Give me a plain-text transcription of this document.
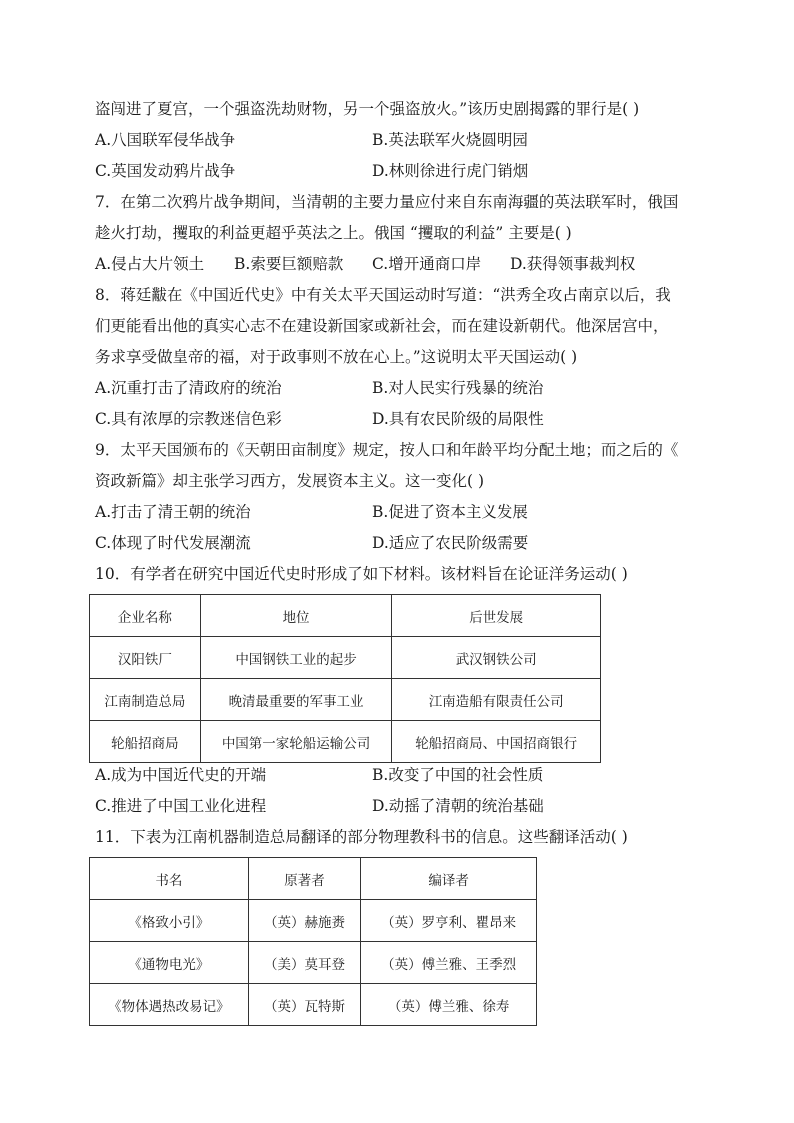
盗闯进了夏宫，一个强盗洗劫财物，另一个强盗放火。”该历史剧揭露的罪行是( )
A.八国联军侵华战争	B.英法联军火烧圆明园
C.英国发动鸦片战争	D.林则徐进行虎门销烟
7．在第二次鸦片战争期间，当清朝的主要力量应付来自东南海疆的英法联军时，俄国
趁火打劫，攫取的利益更超乎英法之上。俄国 “攫取的利益” 主要是( )
A.侵占大片领土 B.索要巨额赔款 C.增开通商口岸 D.获得领事裁判权
8．蒋廷黻在《中国近代史》中有关太平天国运动时写道：“洪秀全攻占南京以后，我
们更能看出他的真实心志不在建设新国家或新社会，而在建设新朝代。他深居宫中，
务求享受做皇帝的福，对于政事则不放在心上。”这说明太平天国运动( )
A.沉重打击了清政府的统治	B.对人民实行残暴的统治
C.具有浓厚的宗教迷信色彩	D.具有农民阶级的局限性
9．太平天国颁布的《天朝田亩制度》规定，按人口和年龄平均分配土地；而之后的《
资政新篇》却主张学习西方，发展资本主义。这一变化( )
A.打击了清王朝的统治	B.促进了资本主义发展
C.体现了时代发展潮流	D.适应了农民阶级需要
10．有学者在研究中国近代史时形成了如下材料。该材料旨在论证洋务运动( )
企业名称	地位	后世发展
汉阳铁厂	中国钢铁工业的起步	武汉钢铁公司
江南制造总局	晚清最重要的军事工业	江南造船有限责任公司
轮船招商局	中国第一家轮船运输公司	轮船招商局、中国招商银行
A.成为中国近代史的开端	B.改变了中国的社会性质
C.推进了中国工业化进程	D.动摇了清朝的统治基础
11．下表为江南机器制造总局翻译的部分物理教科书的信息。这些翻译活动( )
书名	原著者	编译者
《格致小引》	（英）赫施赉	（英）罗亨利、瞿昂来
《通物电光》	（美）莫耳登	（英）傅兰雅、王季烈
《物体遇热改易记》	（英）瓦特斯	（英）傅兰雅、徐寿
